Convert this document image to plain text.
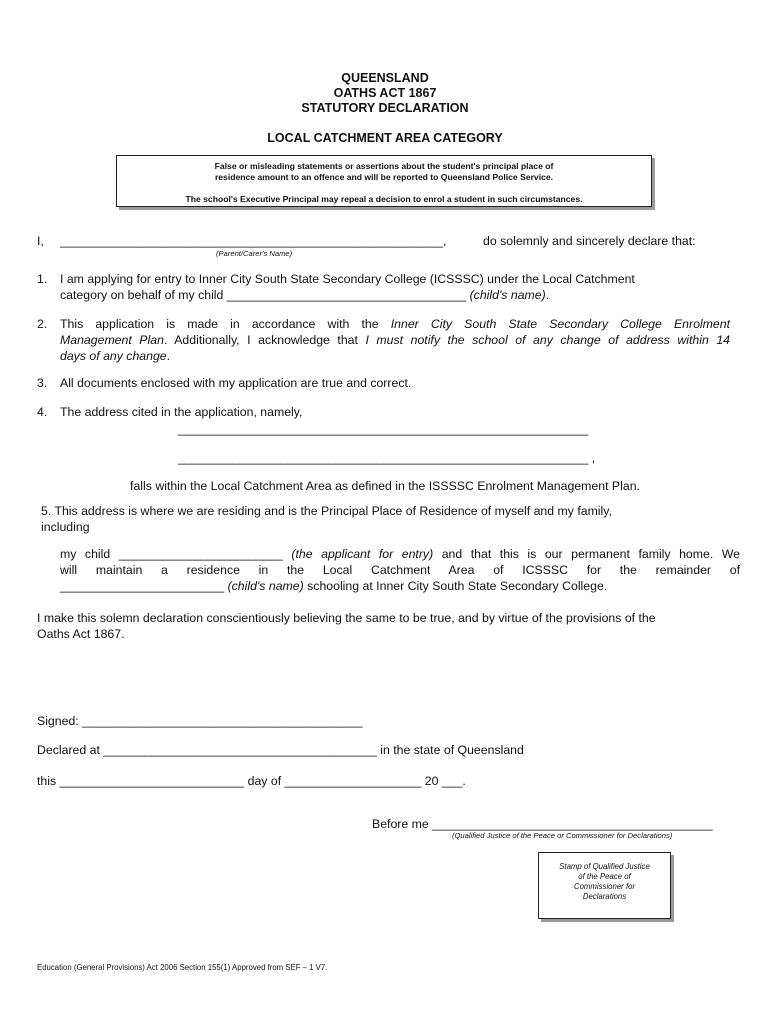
QUEENSLAND

OATHS ACT 1867

STATUTORY DECLARATION

LOCAL CATCHMENT AREA CATEGORY

False or misleading statements or assertions about the student's principal place of

residence amount to an offence and will be reported to Queensland Police Service.

The school's Executive Principal may repeal a decision to enrol a student in such circumstances.

I, ________________________________________________________,	do solemnly and sincerely declare that:

(Parent/Carer's Name)

1. I am applying for entry to Inner City South State Secondary College (ICSSSC) under the Local Catchment

category on behalf of my child ___________________________________ (child's name).

2. This application is made in accordance with the Inner City South State Secondary College Enrolment
Management Plan. Additionally, I acknowledge that I must notify the school of any change of address within 14
days of any change.

3. All documents enclosed with my application are true and correct.

4. The address cited in the application, namely,

____________________________________________________________

____________________________________________________________ ,

falls within the Local Catchment Area as defined in the ISSSSC Enrolment Management Plan.

5. This address is where we are residing and is the Principal Place of Residence of myself and my family,

including

my child ________________________ (the applicant for entry) and that this is our permanent family home. We
will maintain a residence in the Local Catchment Area of ICSSSC for the remainder of
________________________ (child's name) schooling at Inner City South State Secondary College.

I make this solemn declaration conscientiously believing the same to be true, and by virtue of the provisions of the

Oaths Act 1867.

Signed: _________________________________________

Declared at ________________________________________ in the state of Queensland

this ___________________________ day of ____________________ 20 ___.

Before me _________________________________________

(Qualified Justice of the Peace or Commissioner for Declarations)

Stamp of Qualified Justice
of the Peace of
Commissioner for
Declarations

Education (General Provisions) Act 2006 Section 155(1) Approved from SEF – 1 V7.
